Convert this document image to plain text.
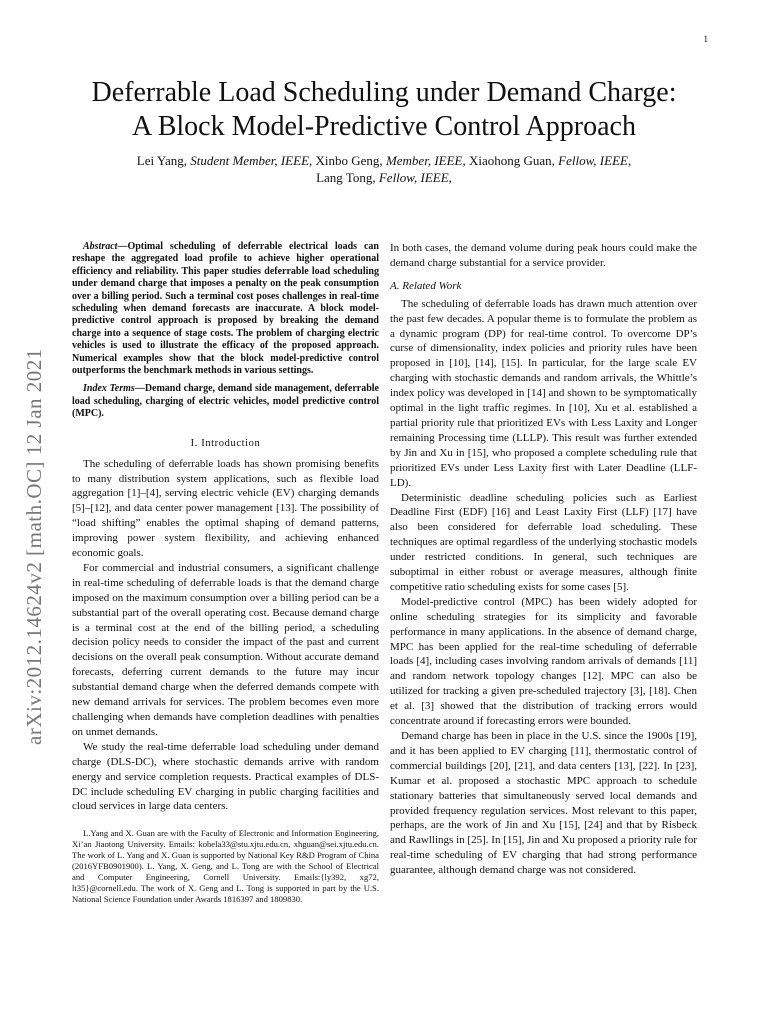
1
arXiv:2012.14624v2 [math.OC] 12 Jan 2021
Deferrable Load Scheduling under Demand Charge:
A Block Model-Predictive Control Approach
Lei Yang, Student Member, IEEE, Xinbo Geng, Member, IEEE, Xiaohong Guan, Fellow, IEEE,
Lang Tong, Fellow, IEEE,

Abstract—Optimal scheduling of deferrable electrical loads can reshape the aggregated load profile to achieve higher operational efficiency and reliability. This paper studies deferrable load scheduling under demand charge that imposes a penalty on the peak consumption over a billing period. Such a terminal cost poses challenges in real-time scheduling when demand forecasts are inaccurate. A block model-predictive control approach is proposed by breaking the demand charge into a sequence of stage costs. The problem of charging electric vehicles is used to illustrate the efficacy of the proposed approach. Numerical examples show that the block model-predictive control outperforms the benchmark methods in various settings.

Index Terms—Demand charge, demand side management, deferrable load scheduling, charging of electric vehicles, model predictive control (MPC).

I. Introduction

The scheduling of deferrable loads has shown promising benefits to many distribution system applications, such as flexible load aggregation [1]–[4], serving electric vehicle (EV) charging demands [5]–[12], and data center power management [13]. The possibility of “load shifting” enables the optimal shaping of demand patterns, improving power system flexibility, and achieving enhanced economic goals.

For commercial and industrial consumers, a significant challenge in real-time scheduling of deferrable loads is that the demand charge imposed on the maximum consumption over a billing period can be a substantial part of the overall operating cost. Because demand charge is a terminal cost at the end of the billing period, a scheduling decision policy needs to consider the impact of the past and current decisions on the overall peak consumption. Without accurate demand forecasts, deferring current demands to the future may incur substantial demand charge when the deferred demands compete with new demand arrivals for services. The problem becomes even more challenging when demands have completion deadlines with penalties on unmet demands.

We study the real-time deferrable load scheduling under demand charge (DLS-DC), where stochastic demands arrive with random energy and service completion requests. Practical examples of DLS-DC include scheduling EV charging in public charging facilities and cloud services in large data centers.

L.Yang and X. Guan are with the Faculty of Electronic and Information Engineering, Xi’an Jiaotong University. Emails: kobela33@stu.xjtu.edu.cn, xhguan@sei.xjtu.edu.cn. The work of L. Yang and X. Guan is supported by National Key R&D Program of China (2016YFB0901900). L. Yang, X. Geng, and L. Tong are with the School of Electrical and Computer Engineering, Cornell University. Emails:{ly392, xg72, lt35}@cornell.edu. The work of X. Geng and L. Tong is supported in part by the U.S. National Science Foundation under Awards 1816397 and 1809830.

In both cases, the demand volume during peak hours could make the demand charge substantial for a service provider.

A. Related Work

The scheduling of deferrable loads has drawn much attention over the past few decades. A popular theme is to formulate the problem as a dynamic program (DP) for real-time control. To overcome DP’s curse of dimensionality, index policies and priority rules have been proposed in [10], [14], [15]. In particular, for the large scale EV charging with stochastic demands and random arrivals, the Whittle’s index policy was developed in [14] and shown to be symptomatically optimal in the light traffic regimes. In [10], Xu et al. established a partial priority rule that prioritized EVs with Less Laxity and Longer remaining Processing time (LLLP). This result was further extended by Jin and Xu in [15], who proposed a complete scheduling rule that prioritized EVs under Less Laxity first with Later Deadline (LLF-LD).

Deterministic deadline scheduling policies such as Earliest Deadline First (EDF) [16] and Least Laxity First (LLF) [17] have also been considered for deferrable load scheduling. These techniques are optimal regardless of the underlying stochastic models under restricted conditions. In general, such techniques are suboptimal in either robust or average measures, although finite competitive ratio scheduling exists for some cases [5].

Model-predictive control (MPC) has been widely adopted for online scheduling strategies for its simplicity and favorable performance in many applications. In the absence of demand charge, MPC has been applied for the real-time scheduling of deferrable loads [4], including cases involving random arrivals of demands [11] and random network topology changes [12]. MPC can also be utilized for tracking a given pre-scheduled trajectory [3], [18]. Chen et al. [3] showed that the distribution of tracking errors would concentrate around if forecasting errors were bounded.

Demand charge has been in place in the U.S. since the 1900s [19], and it has been applied to EV charging [11], thermostatic control of commercial buildings [20], [21], and data centers [13], [22]. In [23], Kumar et al. proposed a stochastic MPC approach to schedule stationary batteries that simultaneously served local demands and provided frequency regulation services. Most relevant to this paper, perhaps, are the work of Jin and Xu [15], [24] and that by Risbeck and Rawllings in [25]. In [15], Jin and Xu proposed a priority rule for real-time scheduling of EV charging that had strong performance guarantee, although demand charge was not considered.
